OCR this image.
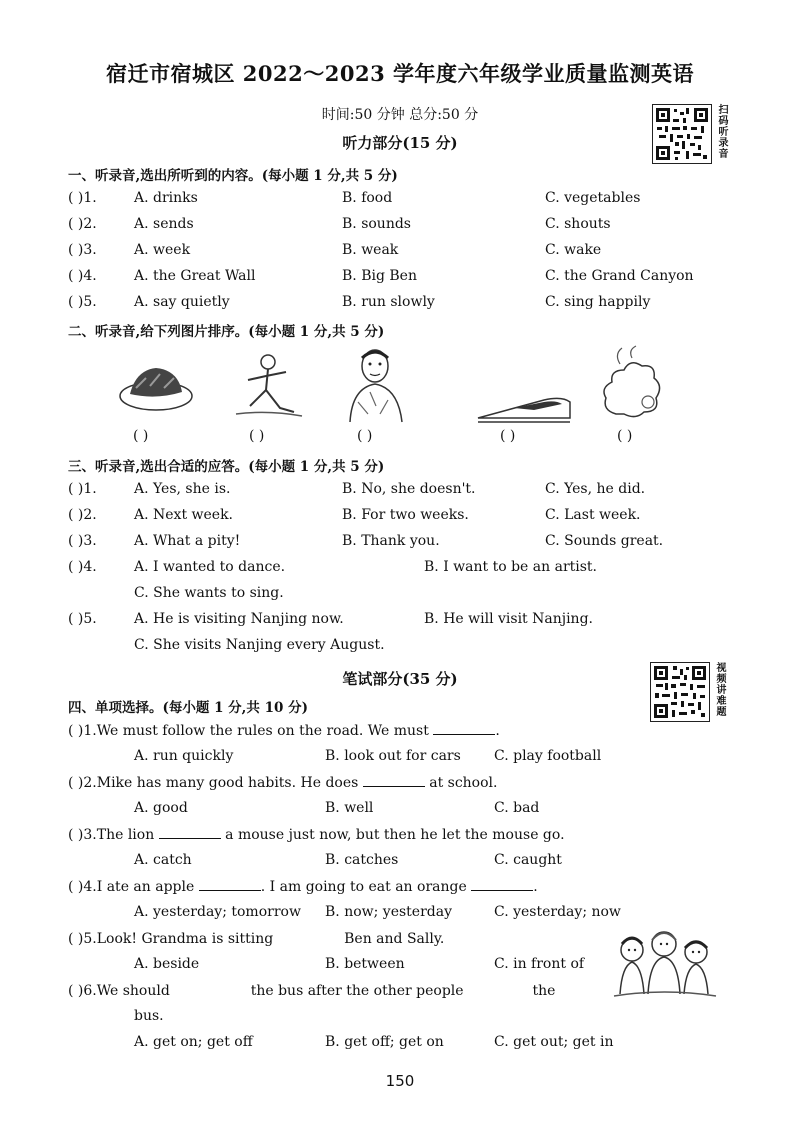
宿迁市宿城区 2022～2023 学年度六年级学业质量监测英语
时间:50 分钟 总分:50 分	扫码听录音
听力部分(15 分)
一、听录音,选出所听到的内容。(每小题 1 分,共 5 分)
( )1.	A. drinks	B. food	C. vegetables
( )2.	A. sends	B. sounds	C. shouts
( )3.	A. week	B. weak	C. wake
( )4.	A. the Great Wall	B. Big Ben	C. the Grand Canyon
( )5.	A. say quietly	B. run slowly	C. sing happily
二、听录音,给下列图片排序。(每小题 1 分,共 5 分)
( )	( )	( )	( )	( )
三、听录音,选出合适的应答。(每小题 1 分,共 5 分)
( )1.	A. Yes, she is.	B. No, she doesn't.	C. Yes, he did.
( )2.	A. Next week.	B. For two weeks.	C. Last week.
( )3.	A. What a pity!	B. Thank you.	C. Sounds great.
( )4.	A. I wanted to dance.	B. I want to be an artist.
C. She wants to sing.
( )5.	A. He is visiting Nanjing now.	B. He will visit Nanjing.
C. She visits Nanjing every August.
笔试部分(35 分)	视频讲难题
四、单项选择。(每小题 1 分,共 10 分)
( )1.We must follow the rules on the road. We must	.
A. run quickly	B. look out for cars C. play football
( )2.Mike has many good habits. He does	at school.
A. good	B. well	C. bad
( )3.The lion	a mouse just now, but then he let the mouse go.
A. catch	B. catches	C. caught
( )4.I ate an apple	. I am going to eat an orange	.
A. yesterday; tomorrow B. now; yesterday	C. yesterday; now
( )5.Look! Grandma is sitting	Ben and Sally.
A. beside	B. between	C. in front of
( )6.We should	the bus after the other people	the
bus.
A. get on; get off	B. get off; get on	C. get out; get in
150
